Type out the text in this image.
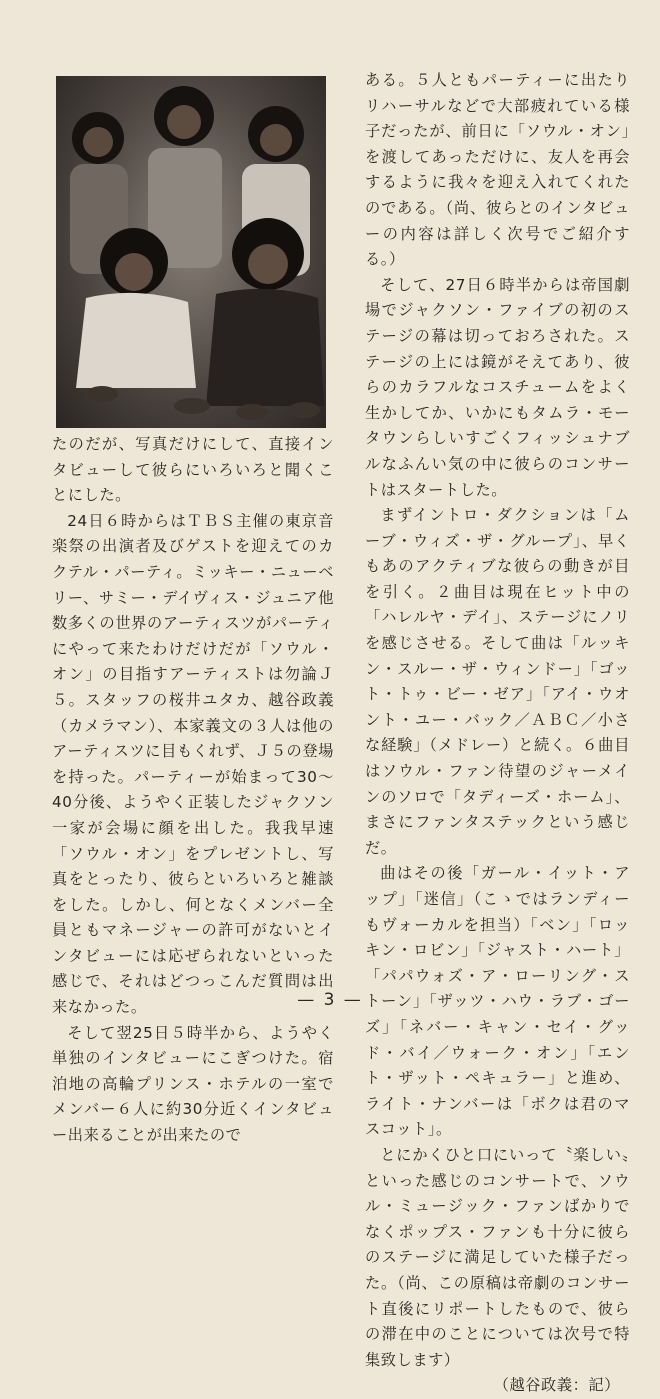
たのだが、写真だけにして、直接インタビューして彼らにいろいろと聞くことにした。

24日６時からはＴＢＳ主催の東京音楽祭の出演者及びゲストを迎えてのカクテル・パーティ。ミッキー・ニューベリー、サミー・デイヴィス・ジュニア他数多くの世界のアーティスツがパーティにやって来たわけだけだが「ソウル・オン」の目指すアーティストは勿論Ｊ５。スタッフの桜井ユタカ、越谷政義（カメラマン）、本家義文の３人は他のアーティスツに目もくれず、Ｊ５の登場を持った。パーティーが始まって30〜40分後、ようやく正装したジャクソン一家が会場に顔を出した。我我早速「ソウル・オン」をプレゼントし、写真をとったり、彼らといろいろと雑談をした。しかし、何となくメンバー全員ともマネージャーの許可がないとインタビューには応ぜられないといった感じで、それはどつっこんだ質問は出来なかった。

そして翌25日５時半から、ようやく単独のインタビューにこぎつけた。宿泊地の高輪プリンス・ホテルの一室でメンバー６人に約30分近くインタビュー出来ることが出来たので

ある。５人ともパーティーに出たりリハーサルなどで大部疲れている様子だったが、前日に「ソウル・オン」を渡してあっただけに、友人を再会するように我々を迎え入れてくれたのである。（尚、彼らとのインタビューの内容は詳しく次号でご紹介する。）

そして、27日６時半からは帝国劇場でジャクソン・ファイブの初のステージの幕は切っておろされた。ステージの上には鏡がそえてあり、彼らのカラフルなコスチュームをよく生かしてか、いかにもタムラ・モータウンらしいすごくフィッシュナブルなふんい気の中に彼らのコンサートはスタートした。

まずイントロ・ダクションは「ムーブ・ウィズ・ザ・グループ」、早くもあのアクティブな彼らの動きが目を引く。２曲目は現在ヒット中の「ハレルヤ・デイ」、ステージにノリを感じさせる。そして曲は「ルッキン・スルー・ザ・ウィンドー」「ゴット・トゥ・ビー・ゼア」「アイ・ウオント・ユー・バック／ＡＢＣ／小さな経験」（メドレー）と続く。６曲目はソウル・ファン待望のジャーメインのソロで「タディーズ・ホーム」、まさにファンタステックという感じだ。

曲はその後「ガール・イット・アップ」「迷信」（こゝではランディーもヴォーカルを担当）「ベン」「ロッキン・ロビン」「ジャスト・ハート」「パパウォズ・ア・ローリング・ストーン」「ザッツ・ハウ・ラブ・ゴーズ」「ネバー・キャン・セイ・グッド・バイ／ウォーク・オン」「エント・ザット・ペキュラー」と進め、ライト・ナンバーは「ボクは君のマスコット」。

とにかくひと口にいって〝楽しい〟といった感じのコンサートで、ソウル・ミュージック・ファンばかりでなくポップス・ファンも十分に彼らのステージに満足していた様子だった。（尚、この原稿は帝劇のコンサート直後にリポートしたもので、彼らの滞在中のことについては次号で特集致します）

（越谷政義：記）

— 3 —
